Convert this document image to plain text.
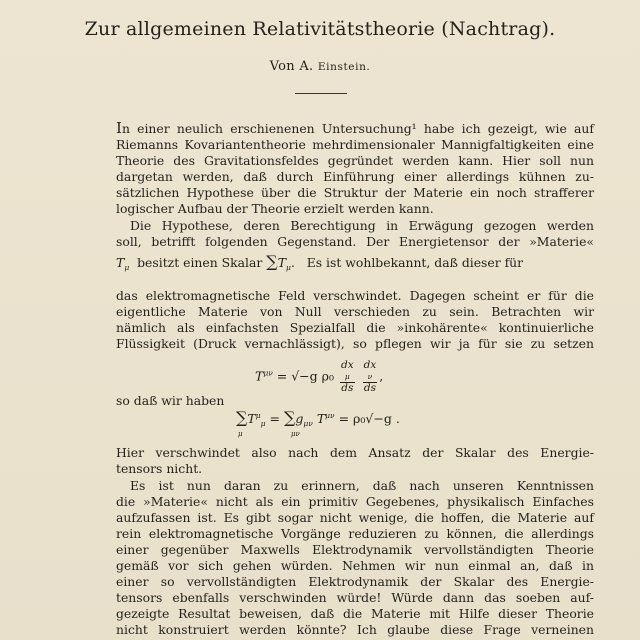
Zur allgemeinen Relativitätstheorie (Nachtrag).
Von A. Einstein.
In einer neulich erschienenen Untersuchung¹ habe ich gezeigt, wie auf
Riemanns Kovariantentheorie mehrdimensionaler Mannigfaltigkeiten eine
Theorie des Gravitationsfeldes gegründet werden kann. Hier soll nun
dargetan werden, daß durch Einführung einer allerdings kühnen zu-
sätzlichen Hypothese über die Struktur der Materie ein noch strafferer
logischer Aufbau der Theorie erzielt werden kann.
Die Hypothese, deren Berechtigung in Erwägung gezogen werden
soll, betrifft folgenden Gegenstand. Der Energietensor der »Materie«
$T_\mu$ besitzt einen Skalar $\sum T_\mu$. Es ist wohlbekannt, daß dieser für
das elektromagnetische Feld verschwindet. Dagegen scheint er für die
eigentliche Materie von Null verschieden zu sein. Betrachten wir
nämlich als einfachsten Spezialfall die »inkohärente« kontinuierliche
Flüssigkeit (Druck vernachlässigt), so pflegen wir ja für sie zu setzen
$T^{\mu\nu} = √-g$ ρ₀ dx
μ
ds
dx
ν
ds ,
so daß wir haben
$\sum T^\mu_\mu = \sum g_{\mu\nu}$ $T^{\mu\nu} = \rho_0√-g$ .
μ	μν
Hier verschwindet also nach dem Ansatz der Skalar des Energie-
tensors nicht.
Es ist nun daran zu erinnern, daß nach unseren Kenntnissen
die »Materie« nicht als ein primitiv Gegebenes, physikalisch Einfaches
aufzufassen ist. Es gibt sogar nicht wenige, die hoffen, die Materie auf
rein elektromagnetische Vorgänge reduzieren zu können, die allerdings
einer gegenüber Maxwells Elektrodynamik vervollständigten Theorie
gemäß vor sich gehen würden. Nehmen wir nun einmal an, daß in
einer so vervollständigten Elektrodynamik der Skalar des Energie-
tensors ebenfalls verschwinden würde! Würde dann das soeben auf-
gezeigte Resultat beweisen, daß die Materie mit Hilfe dieser Theorie
nicht konstruiert werden könnte? Ich glaube diese Frage verneinen
